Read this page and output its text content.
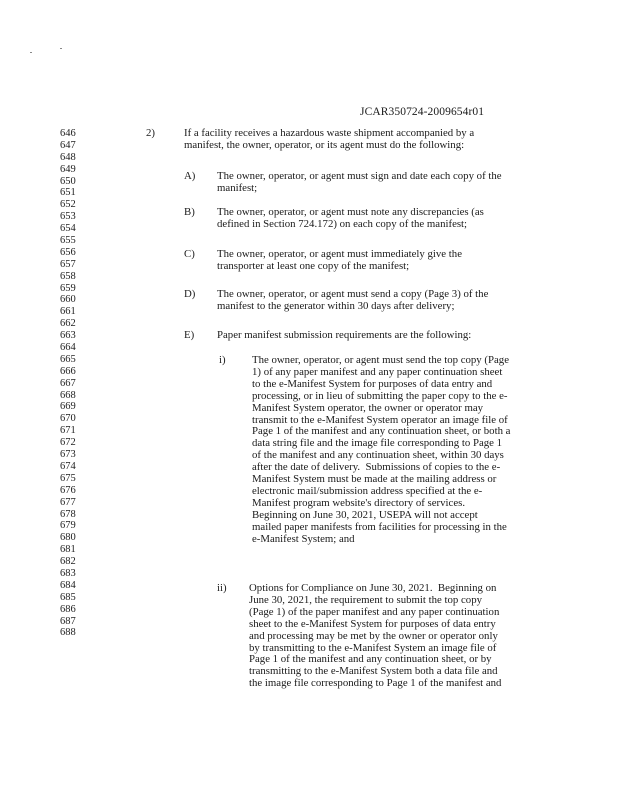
JCAR350724-2009654r01
646
647
648
649
650
651
652
653
654
655
656
657
658
659
660
661
662
663
664
665
666
667
668
669
670
671
672
673
674
675
676
677
678
679
680
681
682
683
684
685
686
687
688
2)	If a facility receives a hazardous waste shipment accompanied by a
manifest, the owner, operator, or its agent must do the following:
A) The owner, operator, or agent must sign and date each copy of the
manifest;
B) The owner, operator, or agent must note any discrepancies (as
defined in Section 724.172) on each copy of the manifest;
C) The owner, operator, or agent must immediately give the
transporter at least one copy of the manifest;
D) The owner, operator, or agent must send a copy (Page 3) of the
manifest to the generator within 30 days after delivery;
E) Paper manifest submission requirements are the following:
i) The owner, operator, or agent must send the top copy (Page
1) of any paper manifest and any paper continuation sheet
to the e-Manifest System for purposes of data entry and
processing, or in lieu of submitting the paper copy to the e-
Manifest System operator, the owner or operator may
transmit to the e-Manifest System operator an image file of
Page 1 of the manifest and any continuation sheet, or both a
data string file and the image file corresponding to Page 1
of the manifest and any continuation sheet, within 30 days
after the date of delivery.  Submissions of copies to the e-
Manifest System must be made at the mailing address or
electronic mail/submission address specified at the e-
Manifest program website's directory of services.
Beginning on June 30, 2021, USEPA will not accept
mailed paper manifests from facilities for processing in the
e-Manifest System; and
ii) Options for Compliance on June 30, 2021.  Beginning on
June 30, 2021, the requirement to submit the top copy
(Page 1) of the paper manifest and any paper continuation
sheet to the e-Manifest System for purposes of data entry
and processing may be met by the owner or operator only
by transmitting to the e-Manifest System an image file of
Page 1 of the manifest and any continuation sheet, or by
transmitting to the e-Manifest System both a data file and
the image file corresponding to Page 1 of the manifest and
